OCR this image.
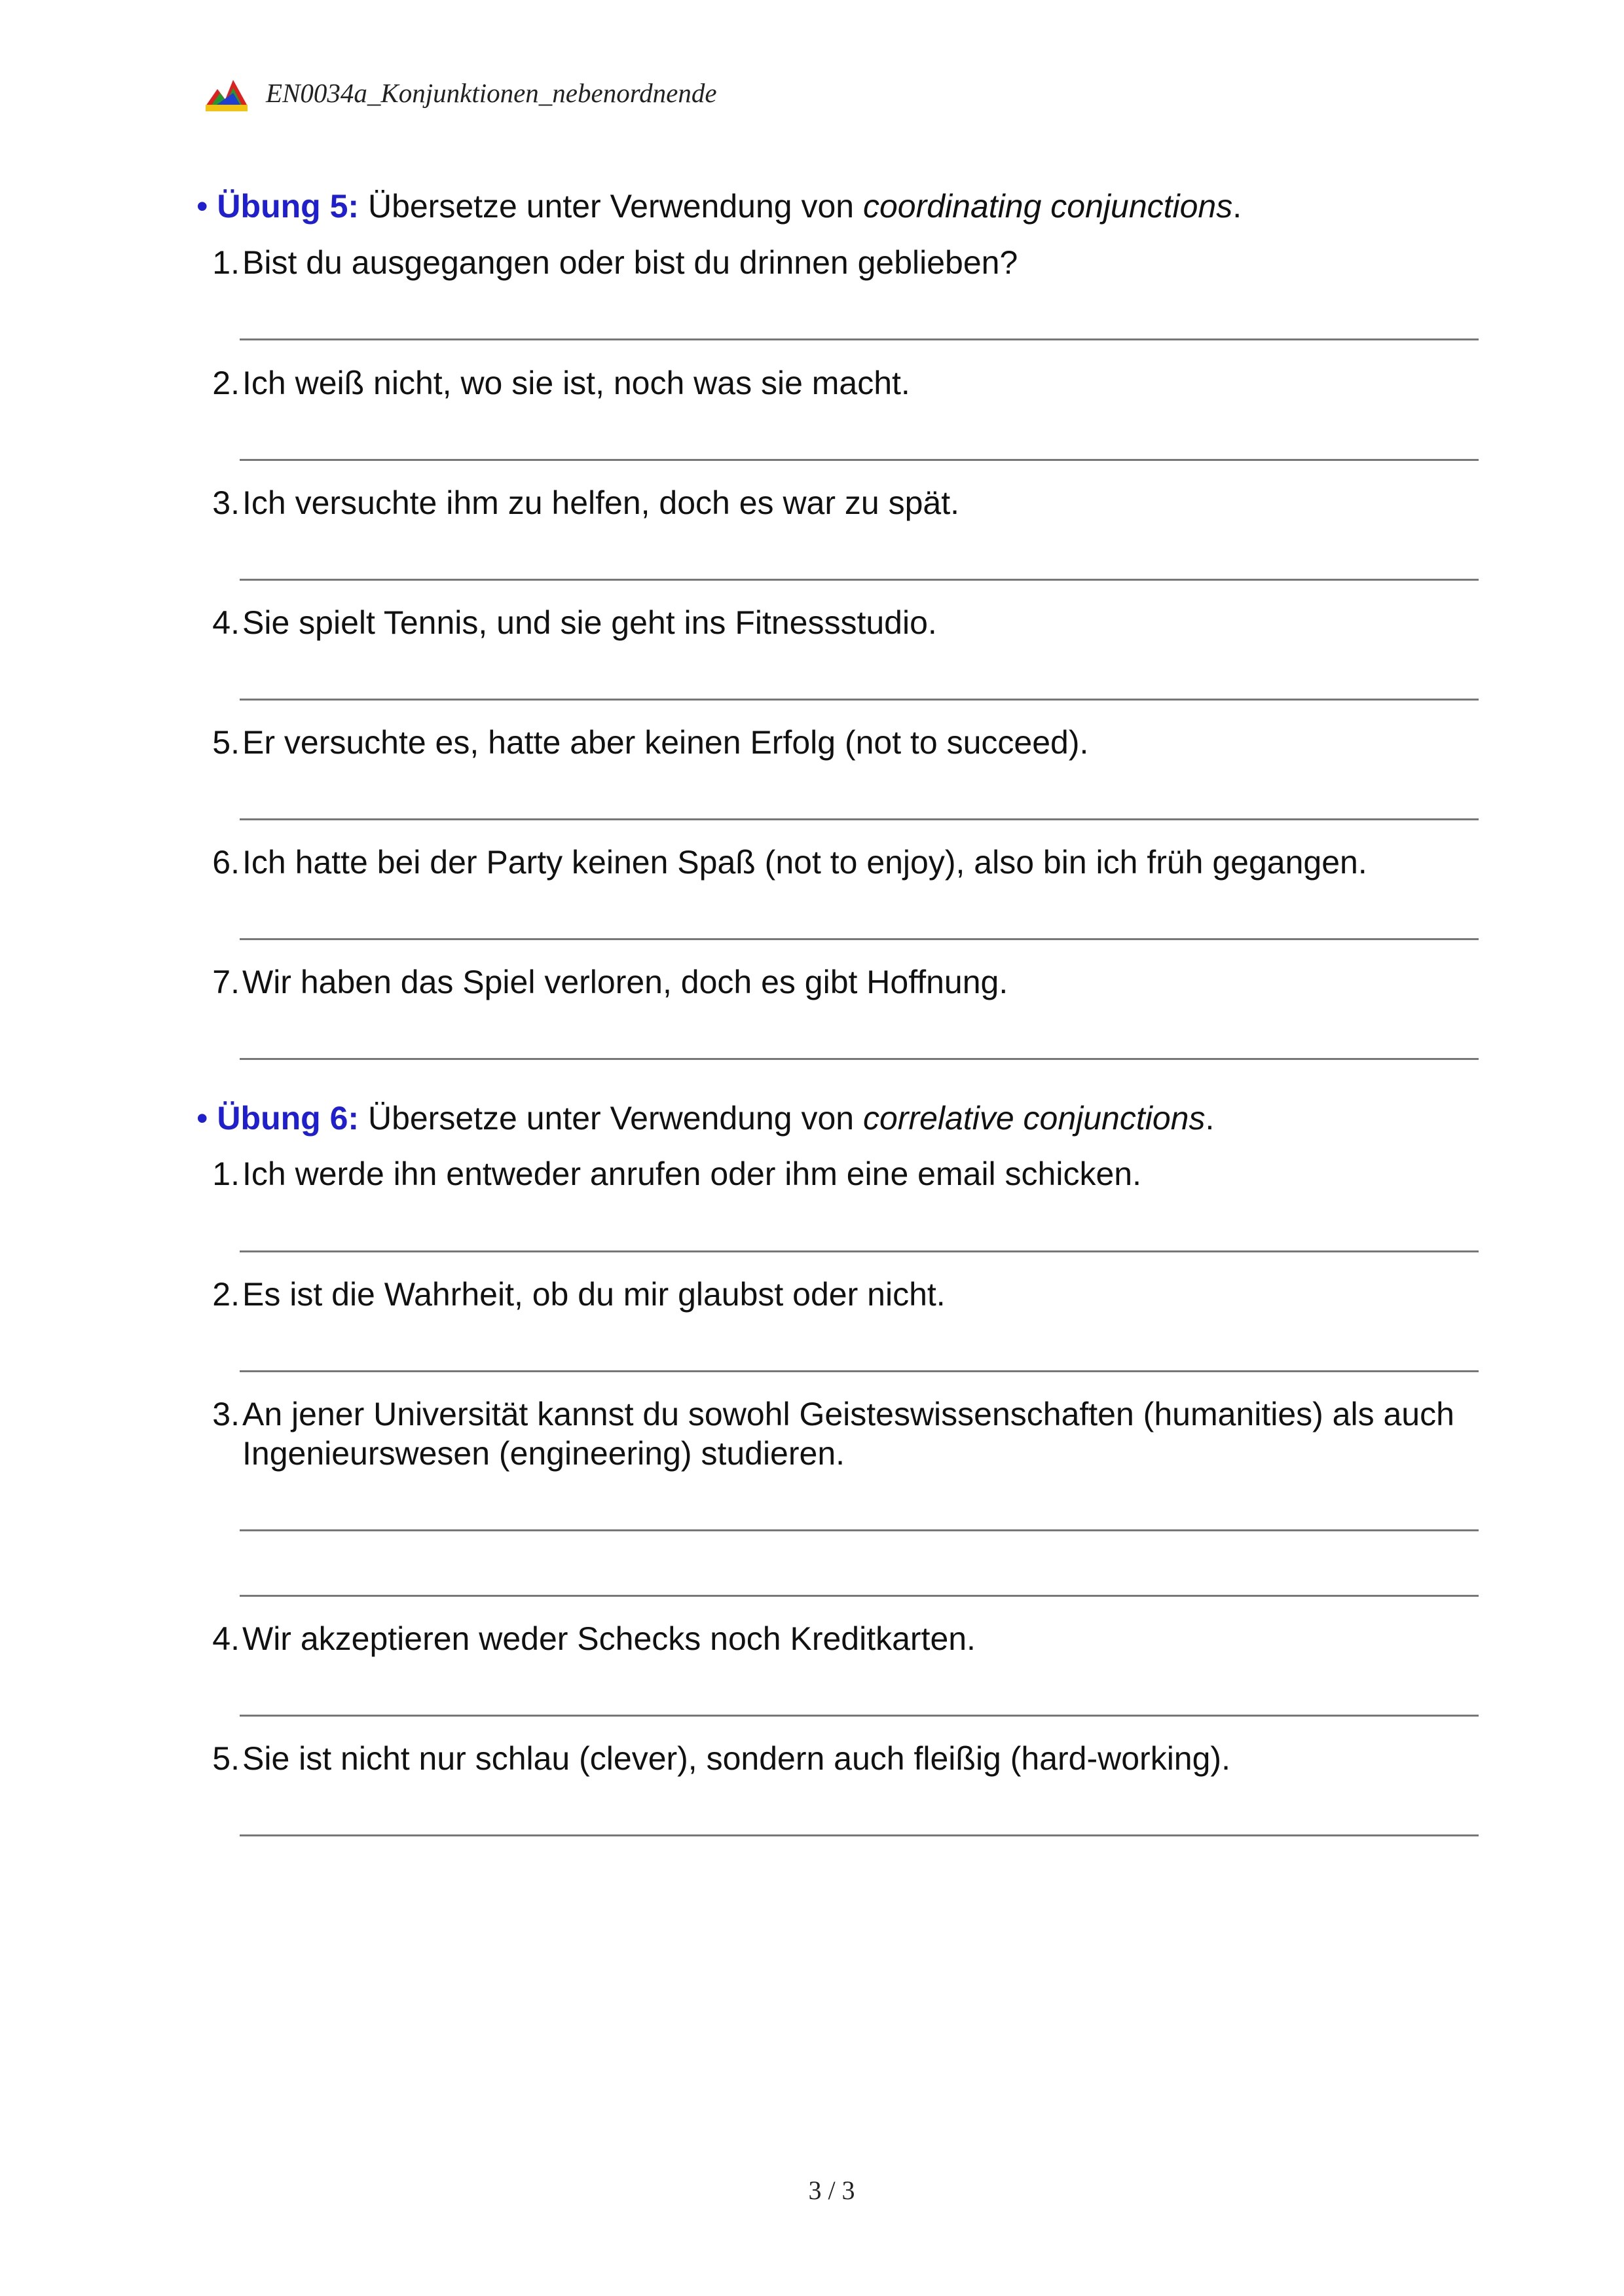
EN0034a_Konjunktionen_nebenordnende
• Übung 5: Übersetze unter Verwendung von coordinating conjunctions.
1. Bist du ausgegangen oder bist du drinnen geblieben?
2. Ich weiß nicht, wo sie ist, noch was sie macht.
3. Ich versuchte ihm zu helfen, doch es war zu spät.
4. Sie spielt Tennis, und sie geht ins Fitnessstudio.
5. Er versuchte es, hatte aber keinen Erfolg (not to succeed).
6. Ich hatte bei der Party keinen Spaß (not to enjoy), also bin ich früh gegangen.
7. Wir haben das Spiel verloren, doch es gibt Hoffnung.
• Übung 6: Übersetze unter Verwendung von correlative conjunctions.
1. Ich werde ihn entweder anrufen oder ihm eine email schicken.
2. Es ist die Wahrheit, ob du mir glaubst oder nicht.
3. An jener Universität kannst du sowohl Geisteswissenschaften (humanities) als auch Ingenieurswesen (engineering) studieren.
4. Wir akzeptieren weder Schecks noch Kreditkarten.
5. Sie ist nicht nur schlau (clever), sondern auch fleißig (hard-working).
3 / 3
